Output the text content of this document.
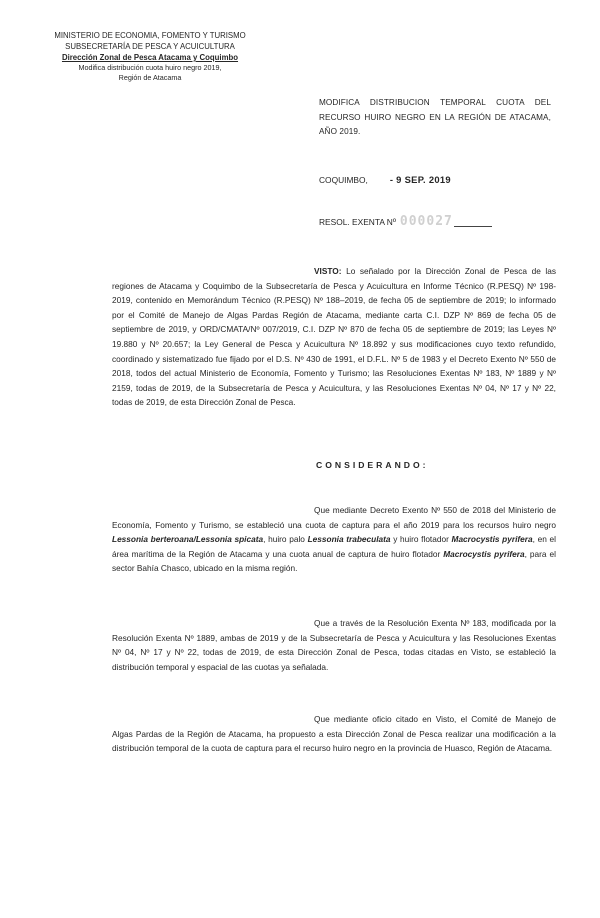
MINISTERIO DE ECONOMIA, FOMENTO Y TURISMO
SUBSECRETARÍA DE PESCA Y ACUICULTURA
Dirección Zonal de Pesca Atacama y Coquimbo
Modifica distribución cuota huiro negro 2019,
Región de Atacama
MODIFICA DISTRIBUCION TEMPORAL CUOTA DEL RECURSO HUIRO NEGRO EN LA REGIÓN DE ATACAMA, AÑO 2019.
COQUIMBO, - 9 SEP. 2019
RESOL. EXENTA Nº 000027
VISTO: Lo señalado por la Dirección Zonal de Pesca de las regiones de Atacama y Coquimbo de la Subsecretaría de Pesca y Acuicultura en Informe Técnico (R.PESQ) Nº 198-2019, contenido en Memorándum Técnico (R.PESQ) Nº 188–2019, de fecha 05 de septiembre de 2019; lo informado por el Comité de Manejo de Algas Pardas Región de Atacama, mediante carta C.I. DZP Nº 869 de fecha 05 de septiembre de 2019, y ORD/CMATA/Nº 007/2019, C.I. DZP Nº 870 de fecha 05 de septiembre de 2019; las Leyes Nº 19.880 y Nº 20.657; la Ley General de Pesca y Acuicultura Nº 18.892 y sus modificaciones cuyo texto refundido, coordinado y sistematizado fue fijado por el D.S. Nº 430 de 1991, el D.F.L. Nº 5 de 1983 y el Decreto Exento Nº 550 de 2018, todos del actual Ministerio de Economía, Fomento y Turismo; las Resoluciones Exentas Nº 183, Nº 1889 y Nº 2159, todas de 2019, de la Subsecretaría de Pesca y Acuicultura, y las Resoluciones Exentas Nº 04, Nº 17 y Nº 22, todas de 2019, de esta Dirección Zonal de Pesca.
CONSIDERANDO:
Que mediante Decreto Exento Nº 550 de 2018 del Ministerio de Economía, Fomento y Turismo, se estableció una cuota de captura para el año 2019 para los recursos huiro negro Lessonia berteroana/Lessonia spicata, huiro palo Lessonia trabeculata y huiro flotador Macrocystis pyrifera, en el área marítima de la Región de Atacama y una cuota anual de captura de huiro flotador Macrocystis pyrifera, para el sector Bahía Chasco, ubicado en la misma región.
Que a través de la Resolución Exenta Nº 183, modificada por la Resolución Exenta Nº 1889, ambas de 2019 y de la Subsecretaría de Pesca y Acuicultura y las Resoluciones Exentas Nº 04, Nº 17 y Nº 22, todas de 2019, de esta Dirección Zonal de Pesca, todas citadas en Visto, se estableció la distribución temporal y espacial de las cuotas ya señalada.
Que mediante oficio citado en Visto, el Comité de Manejo de Algas Pardas de la Región de Atacama, ha propuesto a esta Dirección Zonal de Pesca realizar una modificación a la distribución temporal de la cuota de captura para el recurso huiro negro en la provincia de Huasco, Región de Atacama.
